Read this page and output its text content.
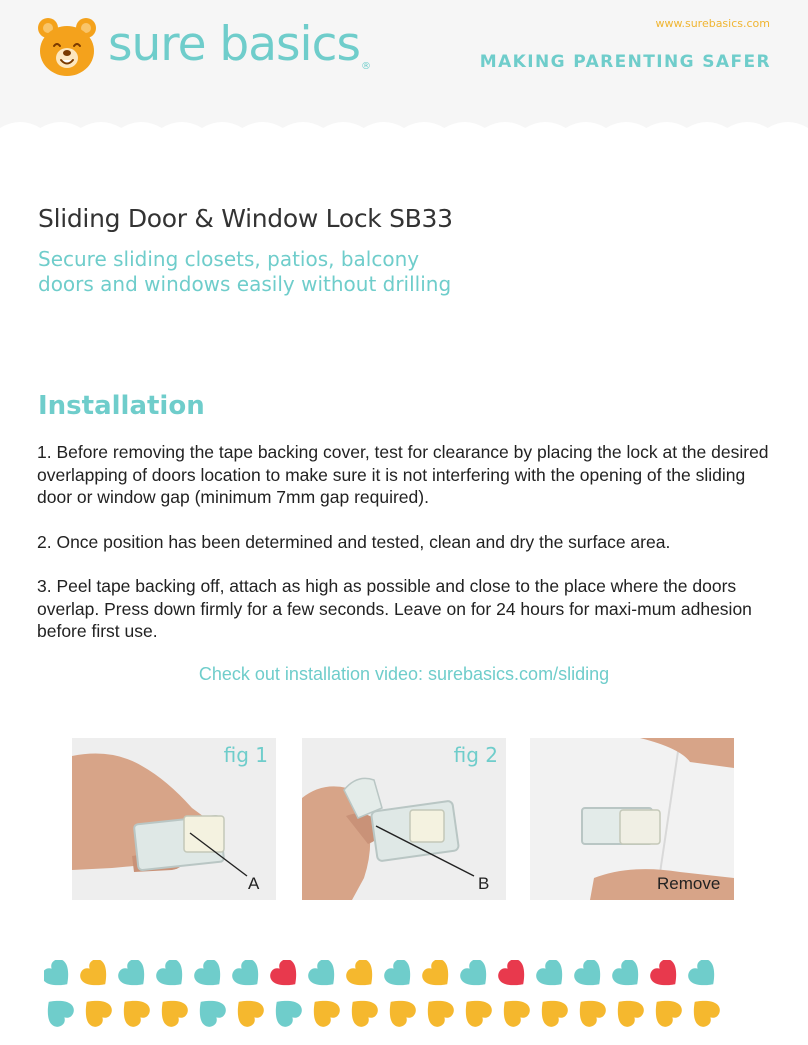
sure basics®
www.surebasics.com
MAKING PARENTING SAFER
Sliding Door & Window Lock SB33
Secure sliding closets, patios, balcony
doors and windows easily without drilling
Installation

1. Before removing the tape backing cover, test for clearance by placing the lock at the desired overlapping of doors location to make sure it is not interfering with the opening of the sliding door or window gap (minimum 7mm gap required).

2. Once position has been determined and tested, clean and dry the surface area.

3. Peel tape backing off, attach as high as possible and close to the place where the doors overlap. Press down firmly for a few seconds. Leave on for 24 hours for maxi-mum adhesion before first use.

Check out installation video: surebasics.com/sliding
fig 1
A
fig 2
B	Remove
